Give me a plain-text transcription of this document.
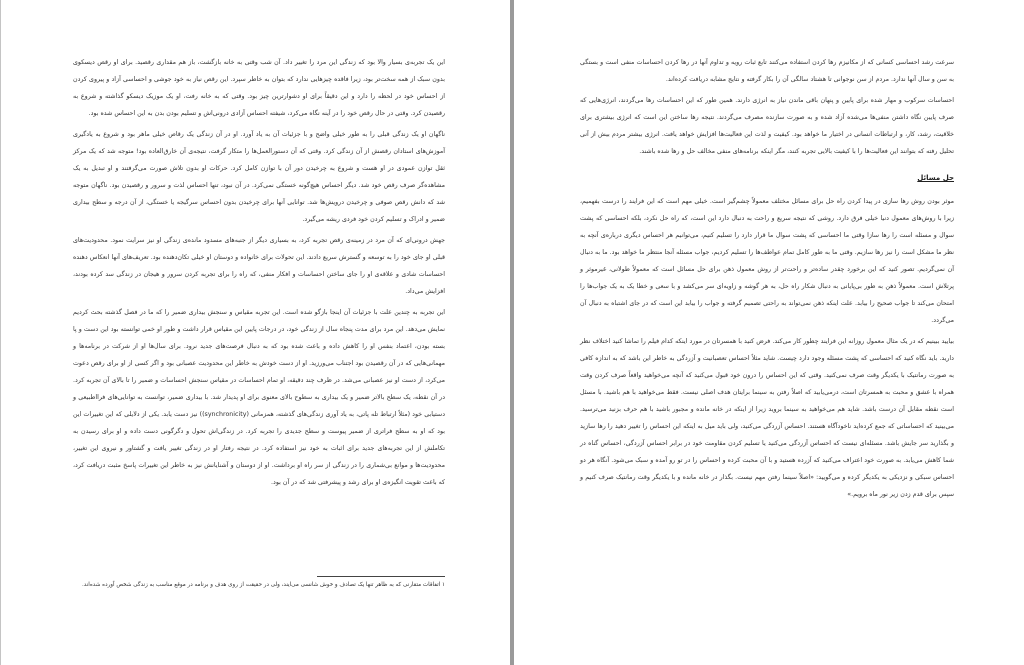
این یک تجربه‌ی بسیار والا بود که زندگی این مرد را تغییر داد. آن شب وقتی به خانه بازگشت، باز هم مقداری رقصید. برای او رقص دیسکوی بدون سبک از همه سخت‌تر بود، زیرا فاقده چیزهایی ندارد که بتوان به خاطر سپرد. این رقص نیاز به خود جوشی و احساسی آزاد و پیروی کردن از احساس خود در لحظه را دارد و این دقیقاً برای او دشوارترین چیز بود. وقتی که به خانه رفت، او یک موزیک دیسکو گذاشته و شروع به رقصیدن کرد. وقتی در حال رقص خود را در آینه نگاه می‌کرد، شیفته احساس آزادی درونی‌اش و تسلیم بودن بدن به این احساس شده بود.

ناگهان او یک زندگی قبلی را به طور خیلی واضح و با جزئیات آن به یاد آورد. او در آن زندگی یک رقاص خیلی ماهر بود و شروع به یادگیری آموزش‌های استادان رقصش از آن زندگی کرد. وقتی که آن دستورالعمل‌ها را متکار گرفت، نتیجه‌ی آن خارق‌العاده بود! متوجه شد که یک مرکز ثقل توازن عمودی در او هست و شروع به چرخیدن دور آن با توازن کامل کرد. حرکات او بدون تلاش صورت می‌گرفتند و او تبدیل به یک مشاهده‌گر صرف رقص خود شد. دیگر احساس هیچ‌گونه خستگی نمی‌کرد. در آن نبود، تنها احساس لذت و سرور و رقصیدن بود. ناگهان متوجه شد که دانش رقص صوفی و چرخیدن درویش‌ها شد. توانایی آنها برای چرخیدن بدون احساس سرگیجه یا خستگی، از آن درجه و سطح بیداری ضمیر و ادراک و تسلیم کردن خود فردی ریشه می‌گیرد.

جهش درونی‌ای که آن مرد در زمینه‌ی رقص تجربه کرد، به بسیاری دیگر از جنبه‌های مسدود مانده‌ی زندگی او نیز سرایت نمود. محدودیت‌های قبلی او جای خود را به توسعه و گسترش سریع دادند. این تحولات برای خانواده و دوستان او خیلی تکان‌دهنده بود. تعریف‌های آنها انعکاس دهنده احساسات شادی و علاقه‌ی او را جای ساختن احساسات و افکار منفی، که راه را برای تجربه کردن سرور و هیجان در زندگی سد کرده بودند، افزایش می‌داد.

این تجربه به چندین علت با جزئیات آن اینجا بازگو شده است. این تجربه مقیاس و سنجش بیداری ضمیر را که ما در فصل گذشته بحث کردیم نمایش می‌دهد. این مرد برای مدت پنجاه سال از زندگی خود، در درجات پایین این مقیاس قرار داشت و طور او خمی توانسته بود این دست و پا بسته بودن، اعتماد بنفس او را کاهش داده و باعث شده بود که به دنبال فرصت‌های جدید نرود. برای سال‌ها او از شرکت در برنامه‌ها و مهمانی‌هایی که در آن رقصیدن بود اجتناب می‌ورزید. او از دست خودش به خاطر این محدودیت عصبانی بود و اگر کسی از او برای رقص دعوت می‌کرد، از دست او نیز عصبانی می‌شد. در ظرف چند دقیقه، او تمام احساسات در مقیاس سنجش احساسات و ضمیر را تا بالای آن تجربه کرد. در آن نقطه، یک سطح بالاتر ضمیر و یک بیداری به سطوح بالای معنوی برای او پدیدار شد. با بیداری ضمیر، توانست به توانایی‌های فرااطبیعی و دستیابی خود (مثلاً ارتباط تله پاتی، به یاد آوری زندگی‌های گذشته، همزمانی (synchronicity)) نیز دست یابد. یکی از دلایلی که این تغییرات این بود که او به سطح فراتری از ضمیر پیوست و سطح جدیدی را تجربه کرد. در زندگی‌اش تحول و دگرگونی دست داده و او برای رسیدن به تکاملش از این تجربه‌های جدید برای اثبات به خود نیز استفاده کرد. در نتیجه رفتار او در زندگی تغییر یافت و گشتاور و نیروی این تغییر، محدودیت‌ها و موانع بی‌شماری را در زندگی از سر راه او برداشت. او از دوستان و آشنایانش نیز به خاطر این تغییرات پاسخ مثبت دریافت کرد، که باعث تقویت انگیزه‌ی او برای رشد و پیشرفتی شد که در آن بود.

۱ اتفاقات متقارنی که به ظاهر تنها یک تصادف و خوش شانسی می‌ایند، ولی در حقیقت از روی هدف و برنامه در موقع مناسب به زندگی شخص آورده شده‌اند.

سرعت رشد احساسی کسانی که از مکانیزم رها کردن استفاده می‌کنند تابع ثبات رویه و تداوم آنها در رها کردن احساسات منفی است و بستگی به سن و سال آنها ندارد. مردم از سن نوجوانی تا هشتاد سالگی آن را بکار گرفته و نتایج مشابه دریافت کرده‌اند.

احساسات سرکوب و مهار شده برای پایین و پنهان باقی ماندن نیاز به انرژی دارند. همین طور که این احساسات رها می‌گردند، انرژی‌هایی که صرف پایین نگاه داشتن منفی‌ها می‌شده آزاد شده و به صورت سازنده مصرف می‌گردند. نتیجه رها ساختن این است که انرژی بیشتری برای خلاقیت، رشد، کار، و ارتباطات انسانی در اختیار ما خواهد بود. کیفیت و لذت این فعالیت‌ها افزایش خواهد یافت. انرژی بیشتر مردم بیش از آنی تحلیل رفته که بتوانند این فعالیت‌ها را با کیفیت بالایی تجربه کنند، مگر اینکه برنامه‌های منفی مخالف حل و رها شده باشند.

حل مسائل

موثر بودن روش رها سازی در پیدا کردن راه حل برای مسائل مختلف معمولاً چشم‌گیر است. خیلی مهم است که این فرایند را درست بفهمیم، زیرا با روش‌های معمول دنیا خیلی فرق دارد. روشی که نتیجه سریع و راحت به دنبال دارد این است، که راه حل نکرد، بلکه احساسی که پشت سوال و مسئله است را رها سازا وقتی ما احساسی که پشت سوال ما قرار دارد را تسلیم کنیم، می‌توانیم هر احساس دیگری درباره‌ی آنچه به نظر ما مشکل است را نیز رها سازیم. وقتی ما به طور کامل تمام عواطف‌ها را تسلیم کردیم، جواب مسئله آنجا منتظر ما خواهد بود. ما به دنبال آن نمی‌گردیم. تصور کنید که این برخورد چقدر ساده‌تر و راحت‌تر از روش معمول ذهن برای حل مسائل است که معمولاً طولانی، غیرموثر و پرتلاش است. معمولاً ذهن به طور بی‌پایانی به دنبال شکار راه حل، به هر گوشه و زاویه‌ای سر می‌کشد و با سعی و خطا یک به یک جواب‌ها را امتحان می‌کند تا جواب صحیح را بیابد. علت اینکه ذهن نمی‌تواند به راحتی تصمیم گرفته و جواب را بیابد این است که در جای اشتباه به دنبال آن می‌گردد.

بیایید ببینیم که در یک مثال معمول روزانه این فرایند چطور کار می‌کند. فرض کنید با همسرتان در مورد اینکه کدام فیلم را تماشا کنید اختلاف نظر دارید. باید نگاه کنید که احساسی که پشت مسئله وجود دارد چیست. شاید مثلاً احساس تعصبانیت و آزردگی به خاطر این باشد که به اندازه کافی به صورت رمانتیک با یکدیگر وقت صرف نمی‌کنید. وقتی که این احساس را درون خود قبول می‌کنید که آنچه می‌خواهید واقعاً صرف کردن وقت همراه با عشق و محبت به همسرتان است، درمی‌یابید که اصلاً رفتن به سینما برایتان هدف اصلی نیست. فقط می‌خواهید با هم باشید. با مسئل است نقطه مقابل آن درست باشد. شاید هم می‌خواهید به سینما بروید زیرا از اینکه در خانه مانده و مجبور باشید با هم حرف بزنید می‌ترسید. می‌بینید که احساساتی که جمع کرده‌اید ناخودآگاه هستند. احساس آزردگی می‌کنید، ولی باید میل به اینکه این احساس را تغییر دهید را رها سازید و بگذارید سر جایش باشد. مسئله‌ای نیست که احساس آزردگی می‌کنید یا تسلیم کردن مقاومت خود در برابر احساس آزردگی، احساس گناه در شما کاهش می‌یابد. به صورت خود اعتراف می‌کنید که آزرده هستید و با آن محبت کرده و احساس را در تو رو آمده و سبک می‌شود. آنگاه هر دو احساس سبکی و نزدیکی به یکدیگر کرده و می‌گویید: «اصلاً سینما رفتن مهم نیست. بگذار در خانه مانده و با یکدیگر وقت رمانتیک صرف کنیم و سپس برای قدم زدن زیر نور ماه برویم.»
